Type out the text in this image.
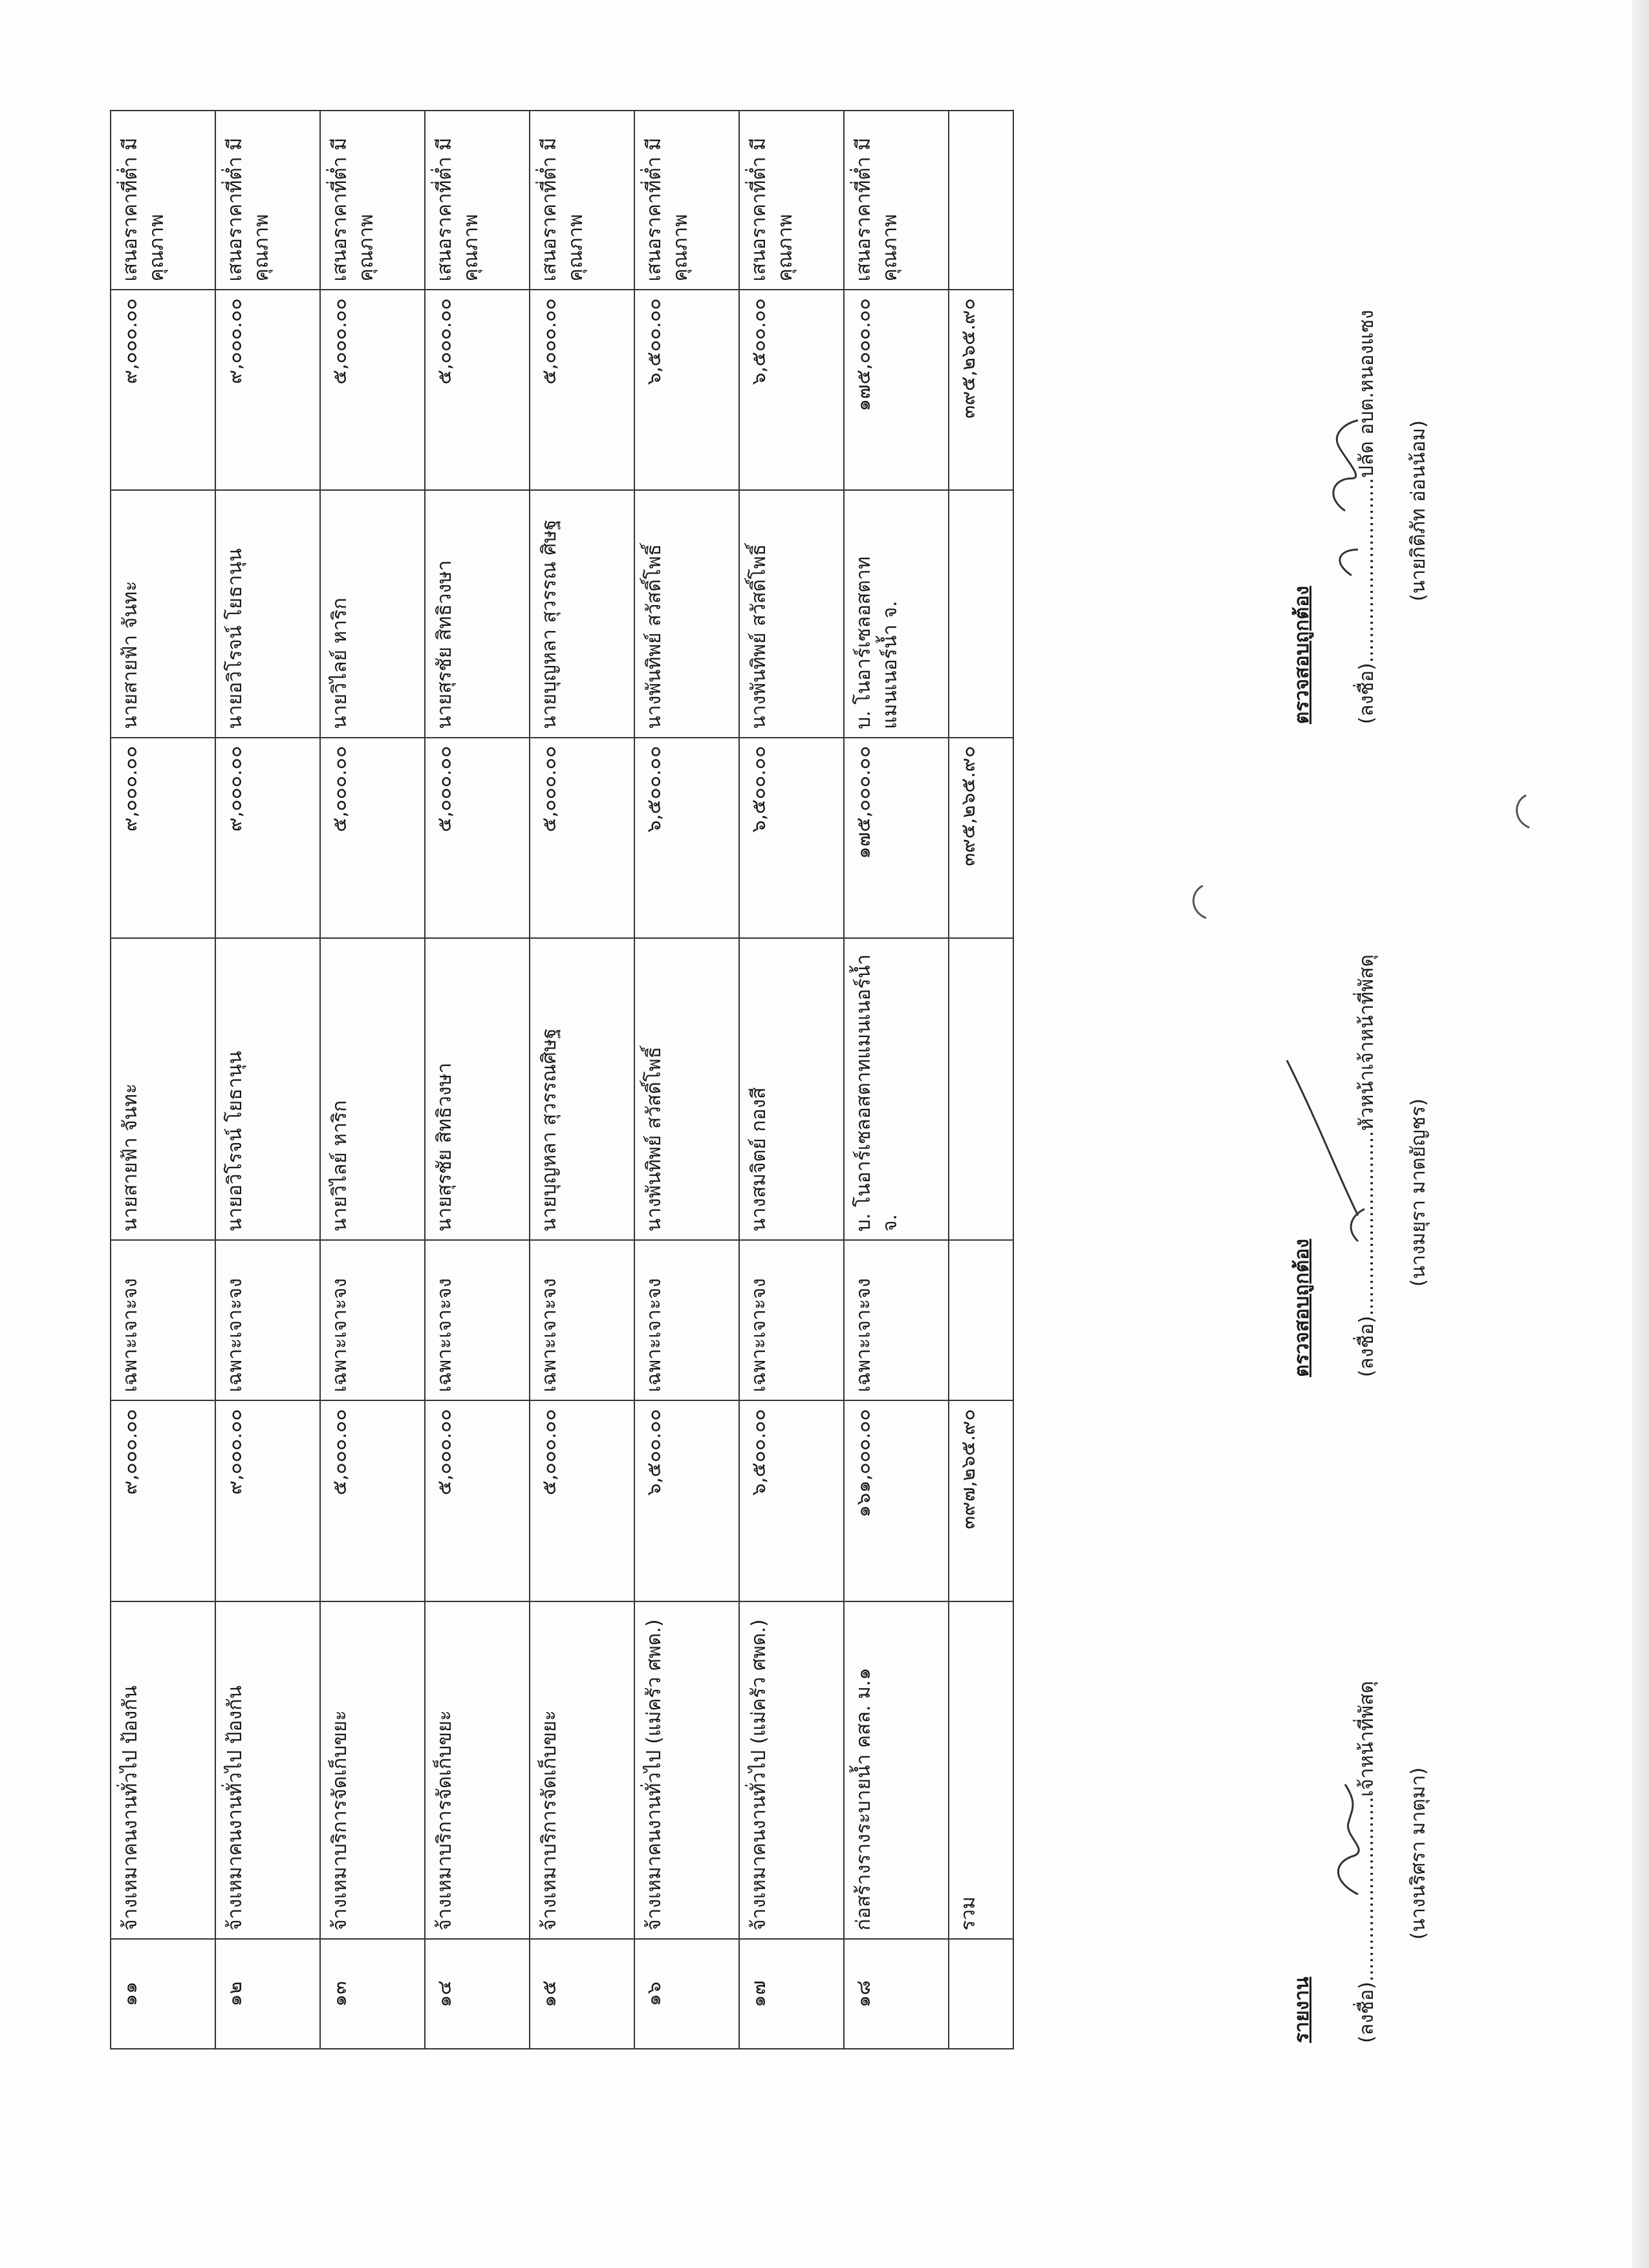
๑๑	จ้างเหมาคนงานทั่วไป ป้องกัน	๙,๐๐๐.๐๐	เฉพาะเจาะจง	นายสายฟ้า จันทะ	๙,๐๐๐.๐๐	นายสายฟ้า จันทะ	๙,๐๐๐.๐๐	เสนอราคาที่ต่ำ มีคุณภาพ
๑๒	จ้างเหมาคนงานทั่วไป ป้องกัน	๙,๐๐๐.๐๐	เฉพาะเจาะจง	นายอวิโรจน์ โยธานุน	๙,๐๐๐.๐๐	นายอวิโรจน์ โยธานุน	๙,๐๐๐.๐๐	เสนอราคาที่ต่ำ มีคุณภาพ
๑๓	จ้างเหมาบริการจัดเก็บขยะ	๕,๐๐๐.๐๐	เฉพาะเจาะจง	นายวิไลย์ หาริก	๕,๐๐๐.๐๐	นายวิไลย์ หาริก	๕,๐๐๐.๐๐	เสนอราคาที่ต่ำ มีคุณภาพ
๑๔	จ้างเหมาบริการจัดเก็บขยะ	๕,๐๐๐.๐๐	เฉพาะเจาะจง	นายสุรชัย สิทธิวงษา	๕,๐๐๐.๐๐	นายสุรชัย สิทธิวงษา	๕,๐๐๐.๐๐	เสนอราคาที่ต่ำ มีคุณภาพ
๑๕	จ้างเหมาบริการจัดเก็บขยะ	๕,๐๐๐.๐๐	เฉพาะเจาะจง	นายบุญหลา สุวรรณศิษฐ	๕,๐๐๐.๐๐	นายบุญหลา สุวรรณ ศิษฐ	๕,๐๐๐.๐๐	เสนอราคาที่ต่ำ มีคุณภาพ
๑๖	จ้างเหมาคนงานทั่วไป (แม่ครัว ศพด.)	๖,๕๐๐.๐๐	เฉพาะเจาะจง	นางพันทิพย์ สวัสดิ์โพธิ์	๖,๕๐๐.๐๐	นางพันทิพย์ สวัสดิ์โพธิ์	๖,๕๐๐.๐๐	เสนอราคาที่ต่ำ มีคุณภาพ
๑๗	จ้างเหมาคนงานทั่วไป (แม่ครัว ศพด.)	๖,๕๐๐.๐๐	เฉพาะเจาะจง	นางสมจิตย์ กองสี	๖,๕๐๐.๐๐	นางพันทิพย์ สวัสดิ์โพธิ์	๖,๕๐๐.๐๐	เสนอราคาที่ต่ำ มีคุณภาพ
๑๘	ก่อสร้างรางระบายน้ำ คสล. ม.๑	๑๖๑,๐๐๐.๐๐	เฉพาะเจาะจง	บ. โนอาร์เซลอสตาทแมนเนอร์น้ำ จ.	๑๗๕,๐๐๐.๐๐	บ. โนอาร์เซลอสตาท แมนเนอร์น้ำ จ.	๑๗๕,๐๐๐.๐๐	เสนอราคาที่ต่ำ มีคุณภาพ
	รวม	๓๙๗,๒๖๕.๙๐			๓๙๕,๒๖๕.๙๐		๓๙๕,๒๖๕.๙๐	
รายงาน
ตรวจสอบถูกต้อง
ตรวจสอบถูกต้อง
(ลงชื่อ)..............................เจ้าหน้าที่พัสดุ (นางนริศรา มาตุมา)
(ลงชื่อ)..............................หัวหน้าเจ้าหน้าที่พัสดุ (นางมยุรา มาตยัญชร)
(ลงชื่อ)..............................ปลัด อบต.หนองแซง (นายกิติภัท อ่อนน้อม)
